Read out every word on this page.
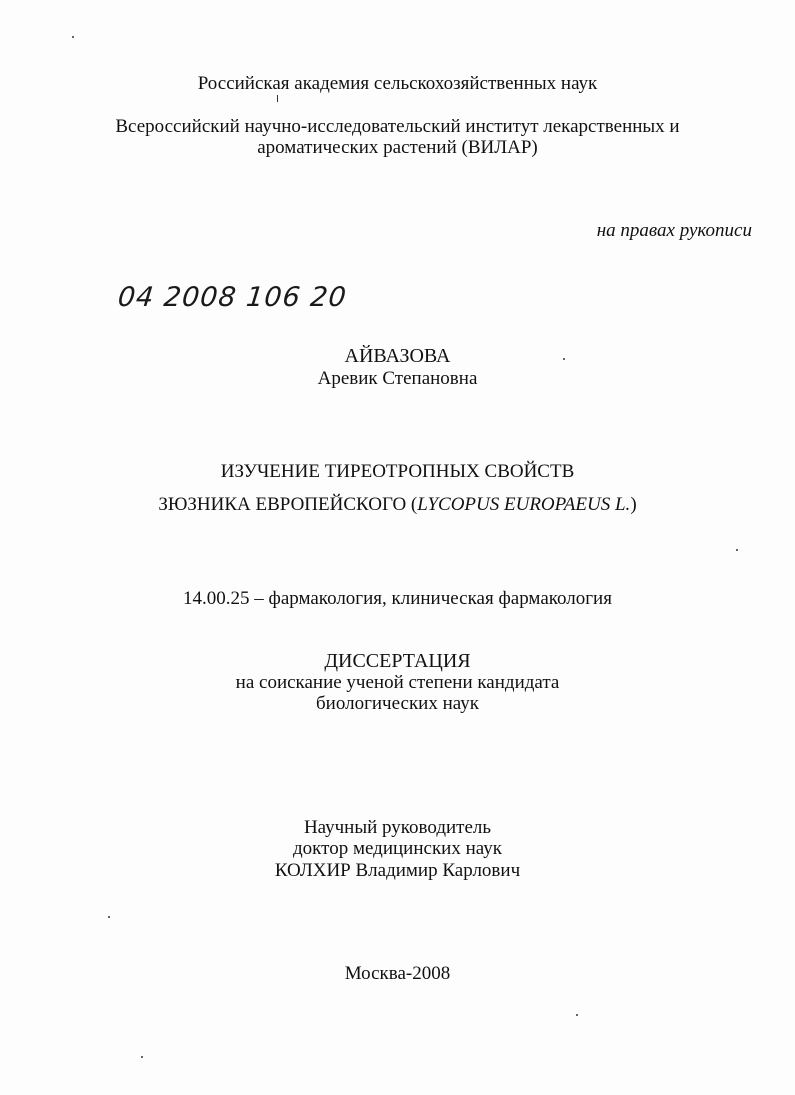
Российская академия сельскохозяйственных наук
Всероссийский научно-исследовательский институт лекарственных и
ароматических растений (ВИЛАР)
на правах рукописи
04 2008 106 20
АЙВАЗОВА
Аревик Степановна
ИЗУЧЕНИЕ ТИРЕОТРОПНЫХ СВОЙСТВ
ЗЮЗНИКА ЕВРОПЕЙСКОГО (LYCOPUS EUROPAEUS L.)
14.00.25 – фармакология, клиническая фармакология
ДИССЕРТАЦИЯ
на соискание ученой степени кандидата
биологических наук
Научный руководитель
доктор медицинских наук
КОЛХИР Владимир Карлович
Москва-2008
